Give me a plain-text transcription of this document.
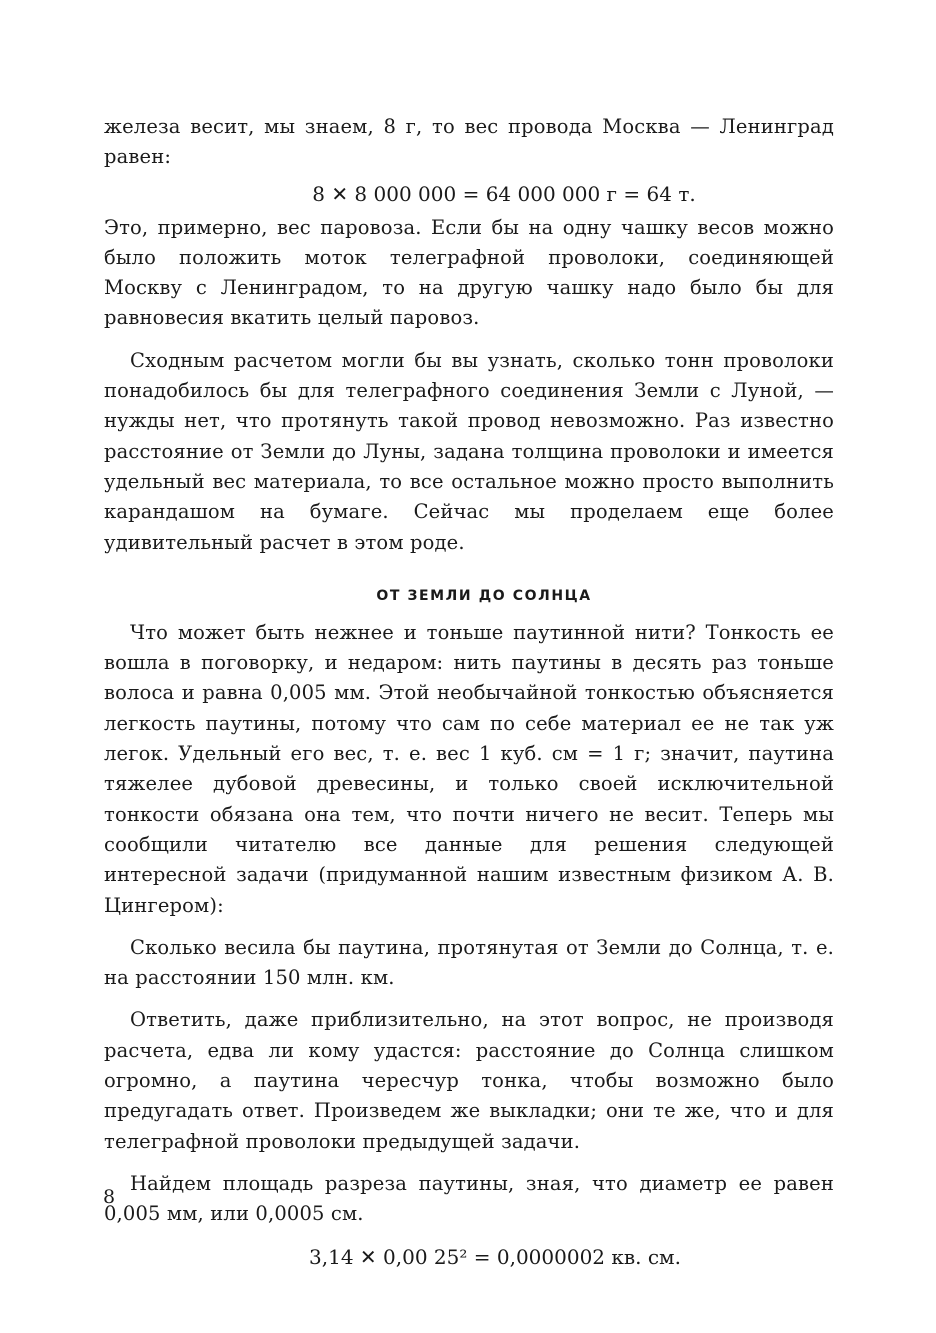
железа весит, мы знаем, 8 г, то вес провода Москва — Ленинград равен:

8 ✕ 8 000 000 = 64 000 000 г = 64 т.

Это, примерно, вес паровоза. Если бы на одну чашку весов можно было положить моток телеграфной проволоки, соединяющей Москву с Ленинградом, то на другую чашку надо было бы для равновесия вкатить целый паровоз.

Сходным расчетом могли бы вы узнать, сколько тонн проволоки понадобилось бы для телеграфного соединения Земли с Луной, — нужды нет, что протянуть такой провод невозможно. Раз известно расстояние от Земли до Луны, задана толщина проволоки и имеется удельный вес материала, то все остальное можно просто выполнить карандашом на бумаге. Сейчас мы проделаем еще более удивительный расчет в этом роде.

ОТ ЗЕМЛИ ДО СОЛНЦА

Что может быть нежнее и тоньше паутинной нити? Тонкость ее вошла в поговорку, и недаром: нить паутины в десять раз тоньше волоса и равна 0,005 мм. Этой необычайной тонкостью объясняется легкость паутины, потому что сам по себе материал ее не так уж легок. Удельный его вес, т. е. вес 1 куб. см = 1 г; значит, паутина тяжелее дубовой древесины, и только своей исключительной тонкости обязана она тем, что почти ничего не весит. Теперь мы сообщили читателю все данные для решения следующей интересной задачи (придуманной нашим известным физиком А. В. Цингером):

Сколько весила бы паутина, протянутая от Земли до Солнца, т. е. на расстоянии 150 млн. км.

Ответить, даже приблизительно, на этот вопрос, не производя расчета, едва ли кому удастся: расстояние до Солнца слишком огромно, а паутина чересчур тонка, чтобы возможно было предугадать ответ. Произведем же выкладки; они те же, что и для телеграфной проволоки предыдущей задачи.

Найдем площадь разреза паутины, зная, что диаметр ее равен 0,005 мм, или 0,0005 см.

3,14 ✕ 0,00 25² = 0,0000002 кв. см.

8
